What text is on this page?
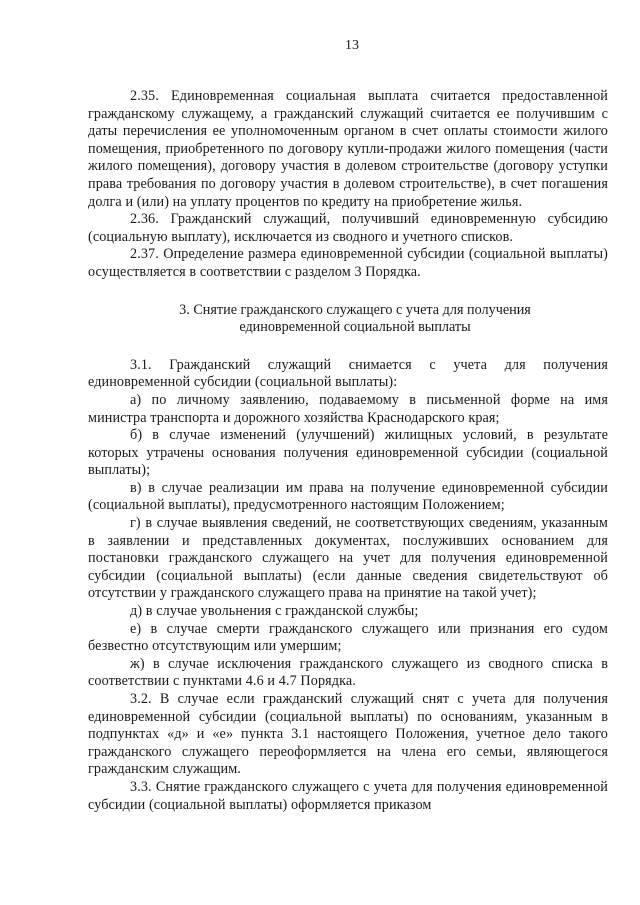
13

2.35. Единовременная социальная выплата считается предоставленной гражданскому служащему, а гражданский служащий считается ее получившим с даты перечисления ее уполномоченным органом в счет оплаты стоимости жилого помещения, приобретенного по договору купли-продажи жилого помещения (части жилого помещения), договору участия в долевом строительстве (договору уступки права требования по договору участия в долевом строительстве), в счет погашения долга и (или) на уплату процентов по кредиту на приобретение жилья.

2.36. Гражданский служащий, получивший единовременную субсидию (социальную выплату), исключается из сводного и учетного списков.

2.37. Определение размера единовременной субсидии (социальной выплаты) осуществляется в соответствии с разделом 3 Порядка.

3. Снятие гражданского служащего с учета для получения
единовременной социальной выплаты

3.1. Гражданский служащий снимается с учета для получения единовременной субсидии (социальной выплаты):

а) по личному заявлению, подаваемому в письменной форме на имя министра транспорта и дорожного хозяйства Краснодарского края;

б) в случае изменений (улучшений) жилищных условий, в результате которых утрачены основания получения единовременной субсидии (социальной выплаты);

в) в случае реализации им права на получение единовременной субсидии (социальной выплаты), предусмотренного настоящим Положением;

г) в случае выявления сведений, не соответствующих сведениям, указанным в заявлении и представленных документах, послуживших основанием для постановки гражданского служащего на учет для получения единовременной субсидии (социальной выплаты) (если данные сведения свидетельствуют об отсутствии у гражданского служащего права на принятие на такой учет);

д) в случае увольнения с гражданской службы;

е) в случае смерти гражданского служащего или признания его судом безвестно отсутствующим или умершим;

ж) в случае исключения гражданского служащего из сводного списка в соответствии с пунктами 4.6 и 4.7 Порядка.

3.2. В случае если гражданский служащий снят с учета для получения единовременной субсидии (социальной выплаты) по основаниям, указанным в подпунктах «д» и «е» пункта 3.1 настоящего Положения, учетное дело такого гражданского служащего переоформляется на члена его семьи, являющегося гражданским служащим.

3.3. Снятие гражданского служащего с учета для получения единовременной субсидии (социальной выплаты) оформляется приказом
